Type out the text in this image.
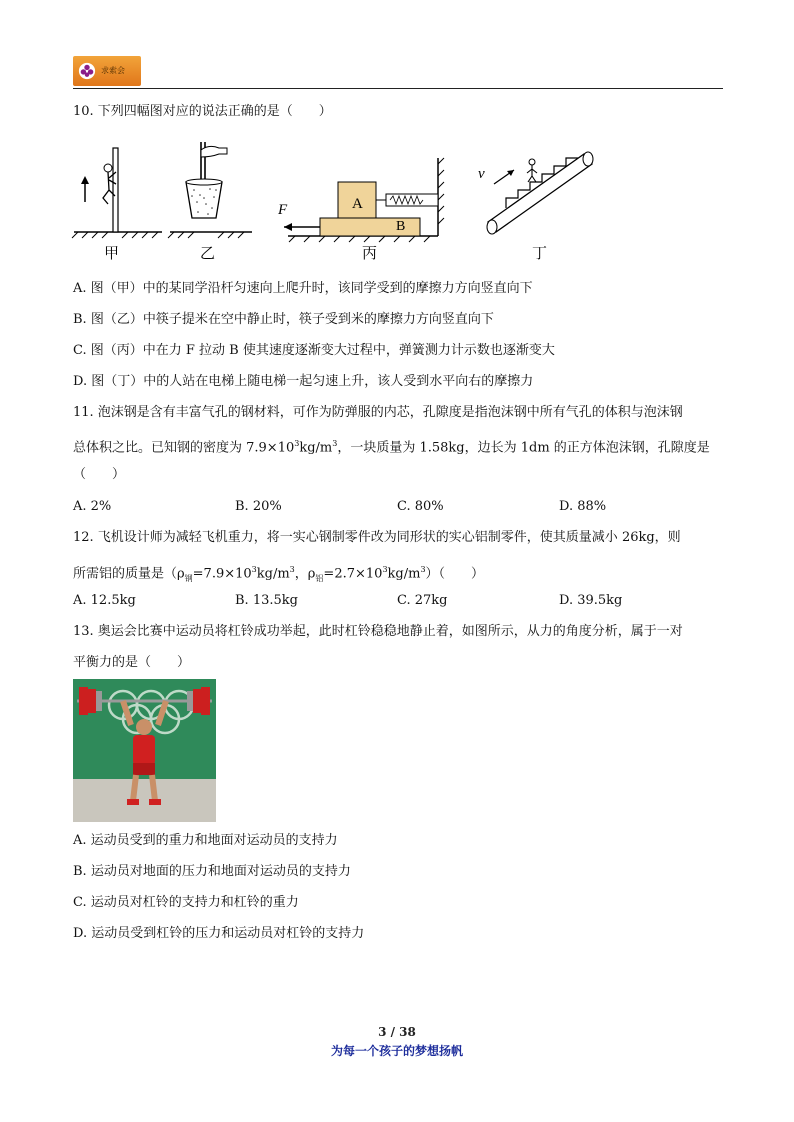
求索会
10. 下列四幅图对应的说法正确的是（　　）
甲	乙
A
B
F
丙
v
丁
A. 图（甲）中的某同学沿杆匀速向上爬升时，该同学受到的摩擦力方向竖直向下
B. 图（乙）中筷子提米在空中静止时，筷子受到米的摩擦力方向竖直向下
C. 图（丙）中在力 F 拉动 B 使其速度逐渐变大过程中，弹簧测力计示数也逐渐变大
D. 图（丁）中的人站在电梯上随电梯一起匀速上升，该人受到水平向右的摩擦力
11. 泡沫钢是含有丰富气孔的钢材料，可作为防弹服的内芯，孔隙度是指泡沫钢中所有气孔的体积与泡沫钢
总体积之比。已知钢的密度为 $7.9\times 10^3kg/m^3$，一块质量为 1.58kg，边长为 1dm 的正方体泡沫钢，孔隙度是
（　　）
A. 2%	B. 20%	C. 80%	D. 88%
12. 飞机设计师为减轻飞机重力，将一实心钢制零件改为同形状的实心铝制零件，使其质量减小 26kg，则
所需铝的质量是（$\rho_钢=7.9\times 10^3kg/m^3$，$\rho_铝=2.7\times 10^3kg/m^3$）（　　）
A. 12.5kg	B. 13.5kg	C. 27kg	D. 39.5kg
13. 奥运会比赛中运动员将杠铃成功举起，此时杠铃稳稳地静止着，如图所示，从力的角度分析，属于一对
平衡力的是（　　）
A. 运动员受到的重力和地面对运动员的支持力
B. 运动员对地面的压力和地面对运动员的支持力
C. 运动员对杠铃的支持力和杠铃的重力
D. 运动员受到杠铃的压力和运动员对杠铃的支持力
3 / 38
为每一个孩子的梦想扬帆
